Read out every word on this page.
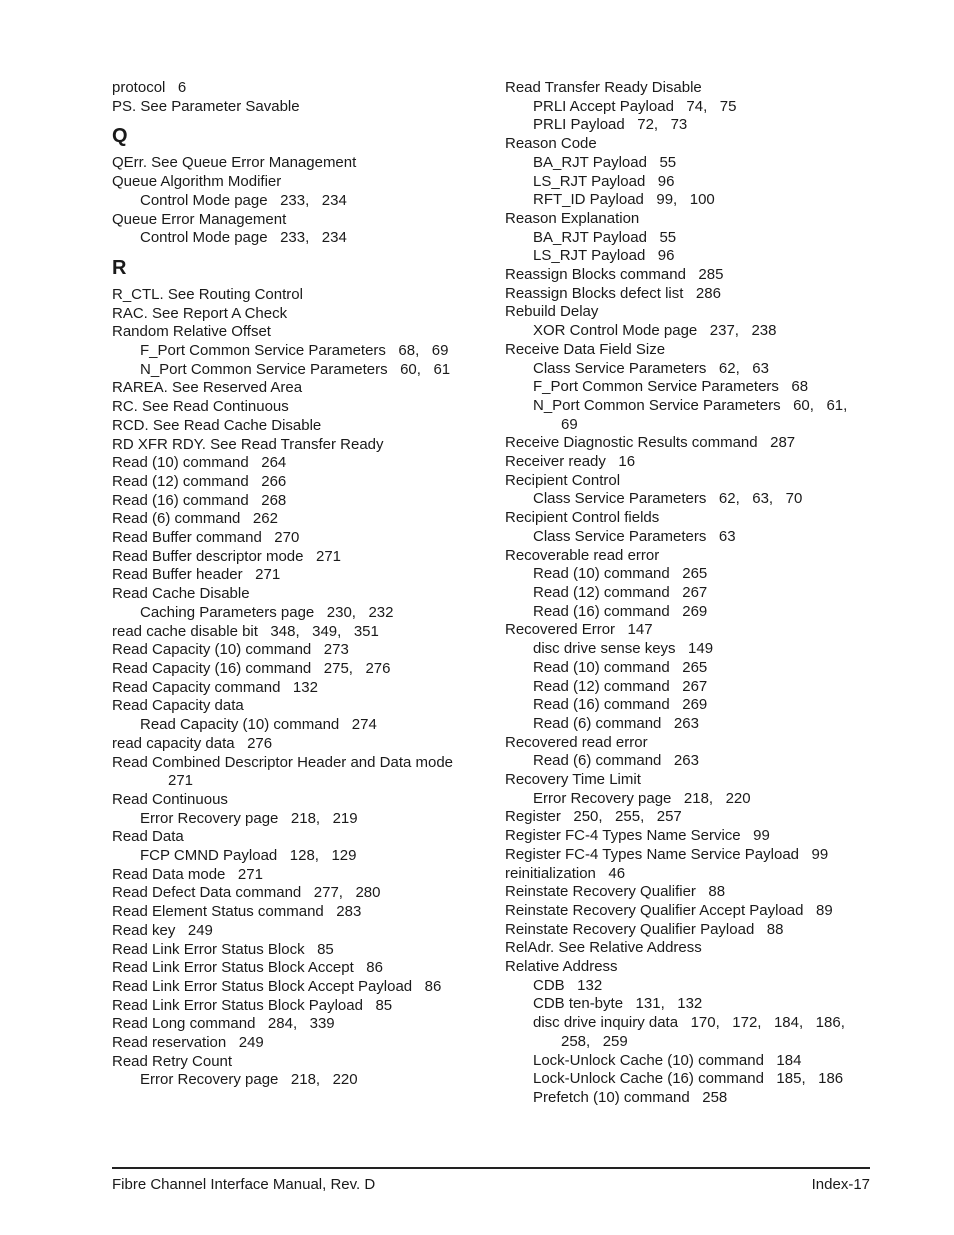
protocol   6
PS. See Parameter Savable
Q
QErr. See Queue Error Management
Queue Algorithm Modifier
Control Mode page   233,   234
Queue Error Management
Control Mode page   233,   234
R
R_CTL. See Routing Control
RAC. See Report A Check
Random Relative Offset
F_Port Common Service Parameters   68,   69
N_Port Common Service Parameters   60,   61
RAREA. See Reserved Area
RC. See Read Continuous
RCD. See Read Cache Disable
RD XFR RDY. See Read Transfer Ready
Read (10) command   264
Read (12) command   266
Read (16) command   268
Read (6) command   262
Read Buffer command   270
Read Buffer descriptor mode   271
Read Buffer header   271
Read Cache Disable
Caching Parameters page   230,   232
read cache disable bit   348,   349,   351
Read Capacity (10) command   273
Read Capacity (16) command   275,   276
Read Capacity command   132
Read Capacity data
Read Capacity (10) command   274
read capacity data   276
Read Combined Descriptor Header and Data mode
271
Read Continuous
Error Recovery page   218,   219
Read Data
FCP CMND Payload   128,   129
Read Data mode   271
Read Defect Data command   277,   280
Read Element Status command   283
Read key   249
Read Link Error Status Block   85
Read Link Error Status Block Accept   86
Read Link Error Status Block Accept Payload   86
Read Link Error Status Block Payload   85
Read Long command   284,   339
Read reservation   249
Read Retry Count
Error Recovery page   218,   220
Read Transfer Ready Disable
PRLI Accept Payload   74,   75
PRLI Payload   72,   73
Reason Code
BA_RJT Payload   55
LS_RJT Payload   96
RFT_ID Payload   99,   100
Reason Explanation
BA_RJT Payload   55
LS_RJT Payload   96
Reassign Blocks command   285
Reassign Blocks defect list   286
Rebuild Delay
XOR Control Mode page   237,   238
Receive Data Field Size
Class Service Parameters   62,   63
F_Port Common Service Parameters   68
N_Port Common Service Parameters   60,   61,
69
Receive Diagnostic Results command   287
Receiver ready   16
Recipient Control
Class Service Parameters   62,   63,   70
Recipient Control fields
Class Service Parameters   63
Recoverable read error
Read (10) command   265
Read (12) command   267
Read (16) command   269
Recovered Error   147
disc drive sense keys   149
Read (10) command   265
Read (12) command   267
Read (16) command   269
Read (6) command   263
Recovered read error
Read (6) command   263
Recovery Time Limit
Error Recovery page   218,   220
Register   250,   255,   257
Register FC-4 Types Name Service   99
Register FC-4 Types Name Service Payload   99
reinitialization   46
Reinstate Recovery Qualifier   88
Reinstate Recovery Qualifier Accept Payload   89
Reinstate Recovery Qualifier Payload   88
RelAdr. See Relative Address
Relative Address
CDB   132
CDB ten-byte   131,   132
disc drive inquiry data   170,   172,   184,   186,
258,   259
Lock-Unlock Cache (10) command   184
Lock-Unlock Cache (16) command   185,   186
Prefetch (10) command   258
Fibre Channel Interface Manual, Rev. D	Index-17
